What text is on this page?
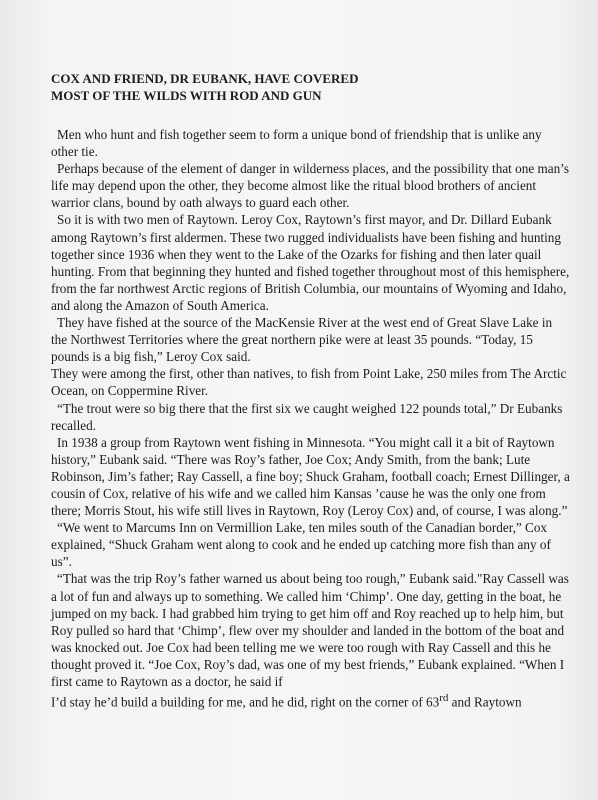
COX AND FRIEND, DR EUBANK, HAVE COVERED
MOST OF THE WILDS WITH ROD AND GUN

Men who hunt and fish together seem to form a unique bond of friendship that is unlike any other tie.

Perhaps because of the element of danger in wilderness places, and the possibility that one man’s life may depend upon the other, they become almost like the ritual blood brothers of ancient warrior clans, bound by oath always to guard each other.

So it is with two men of Raytown. Leroy Cox, Raytown’s first mayor, and Dr. Dillard Eubank among Raytown’s first aldermen. These two rugged individualists have been fishing and hunting together since 1936 when they went to the Lake of the Ozarks for fishing and then later quail hunting. From that beginning they hunted and fished together throughout most of this hemisphere, from the far northwest Arctic regions of British Columbia, our mountains of Wyoming and Idaho, and along the Amazon of South America.

They have fished at the source of the MacKensie River at the west end of Great Slave Lake in the Northwest Territories where the great northern pike were at least 35 pounds. “Today, 15 pounds is a big fish,” Leroy Cox said.

They were among the first, other than natives, to fish from Point Lake, 250 miles from The Arctic Ocean, on Coppermine River.

“The trout were so big there that the first six we caught weighed 122 pounds total,” Dr Eubanks recalled.

In 1938 a group from Raytown went fishing in Minnesota. “You might call it a bit of Raytown history,” Eubank said. “There was Roy’s father, Joe Cox; Andy Smith, from the bank; Lute Robinson, Jim’s father; Ray Cassell, a fine boy; Shuck Graham, football coach; Ernest Dillinger, a cousin of Cox, relative of his wife and we called him Kansas ’cause he was the only one from there; Morris Stout, his wife still lives in Raytown, Roy (Leroy Cox) and, of course, I was along.”

“We went to Marcums Inn on Vermillion Lake, ten miles south of the Canadian border,” Cox explained, “Shuck Graham went along to cook and he ended up catching more fish than any of us”.

“That was the trip Roy’s father warned us about being too rough,” Eubank said."Ray Cassell was a lot of fun and always up to something. We called him ‘Chimp’. One day, getting in the boat, he jumped on my back. I had grabbed him trying to get him off and Roy reached up to help him, but Roy pulled so hard that ‘Chimp’, flew over my shoulder and landed in the bottom of the boat and was knocked out. Joe Cox had been telling me we were too rough with Ray Cassell and this he thought proved it. “Joe Cox, Roy’s dad, was one of my best friends,” Eubank explained. “When I first came to Raytown as a doctor, he said if

I’d stay he’d build a building for me, and he did, right on the corner of 63rd and Raytown
